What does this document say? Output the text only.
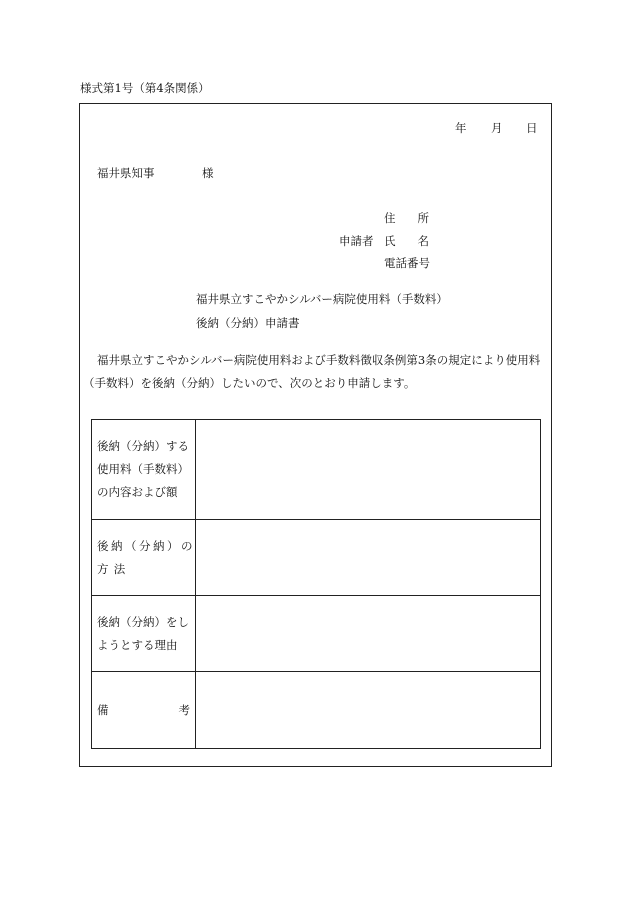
様式第1号（第4条関係）
年 月 日
福井県知事	様
住所
申請者 氏名
電話番号
福井県立すこやかシルバー病院使用料（手数料）
後納（分納）申請書
福井県立すこやかシルバー病院使用料および手数料徴収条例第3条の規定により使用料
（手数料）を後納（分納）したいので、次のとおり申請します。
後納（分納）する
使用料（手数料）
の内容および額	

後納（分納）の
方法	

後納（分納）をし
ようとする理由	

備 考	
